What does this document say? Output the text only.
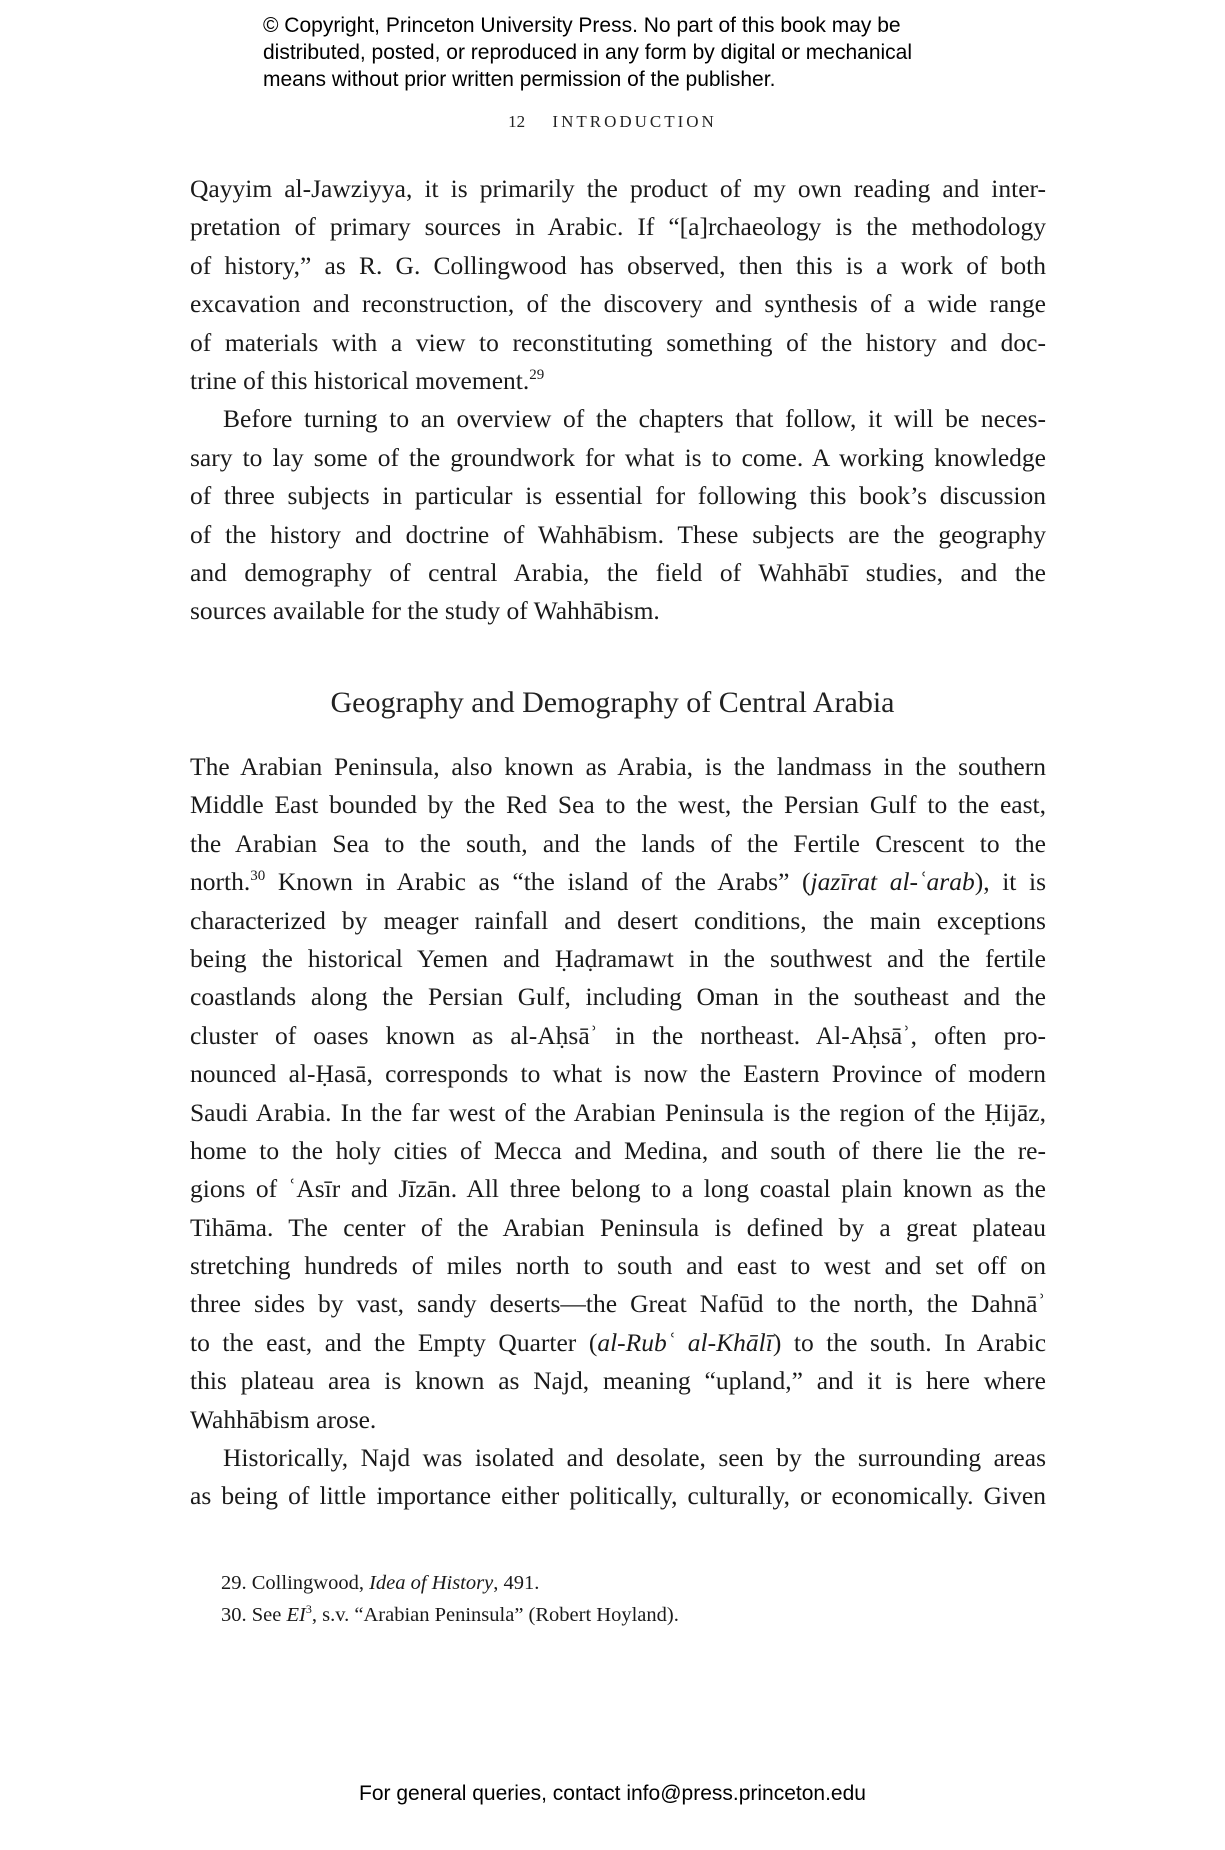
© Copyright, Princeton University Press. No part of this book may be
distributed, posted, or reproduced in any form by digital or mechanical
means without prior written permission of the publisher.
12 INTRODUCTION
Qayyim al-Jawziyya, it is primarily the product of my own reading and inter-
pretation of primary sources in Arabic. If “[a]rchaeology is the methodology
of history,” as R. G. Collingwood has observed, then this is a work of both
excavation and reconstruction, of the discovery and synthesis of a wide range
of materials with a view to reconstituting something of the history and doc-
trine of this historical movement.$^{29}$
Before turning to an overview of the chapters that follow, it will be neces-
sary to lay some of the groundwork for what is to come. A working knowledge
of three subjects in particular is essential for following this book’s discussion
of the history and doctrine of Wahhābism. These subjects are the geography
and demography of central Arabia, the field of Wahhābī studies, and the
sources available for the study of Wahhābism.
Geography and Demography of Central Arabia
The Arabian Peninsula, also known as Arabia, is the landmass in the southern
Middle East bounded by the Red Sea to the west, the Persian Gulf to the east,
the Arabian Sea to the south, and the lands of the Fertile Crescent to the
north.$^{30}$ Known in Arabic as “the island of the Arabs” (jazīrat al-ʿarab), it is
characterized by meager rainfall and desert conditions, the main exceptions
being the historical Yemen and Ḥaḍramawt in the southwest and the fertile
coastlands along the Persian Gulf, including Oman in the southeast and the
cluster of oases known as al-Aḥsāʾ in the northeast. Al-Aḥsāʾ, often pro-
nounced al-Ḥasā, corresponds to what is now the Eastern Province of modern
Saudi Arabia. In the far west of the Arabian Peninsula is the region of the Ḥijāz,
home to the holy cities of Mecca and Medina, and south of there lie the re-
gions of ʿAsīr and Jīzān. All three belong to a long coastal plain known as the
Tihāma. The center of the Arabian Peninsula is defined by a great plateau
stretching hundreds of miles north to south and east to west and set off on
three sides by vast, sandy deserts—the Great Nafūd to the north, the Dahnāʾ
to the east, and the Empty Quarter (al-Rubʿ al-Khālī) to the south. In Arabic
this plateau area is known as Najd, meaning “upland,” and it is here where
Wahhābism arose.
Historically, Najd was isolated and desolate, seen by the surrounding areas
as being of little importance either politically, culturally, or economically. Given
29. Collingwood, Idea of History, 491.
30. See $EI^3$, s.v. “Arabian Peninsula” (Robert Hoyland).
For general queries, contact info@press.princeton.edu
